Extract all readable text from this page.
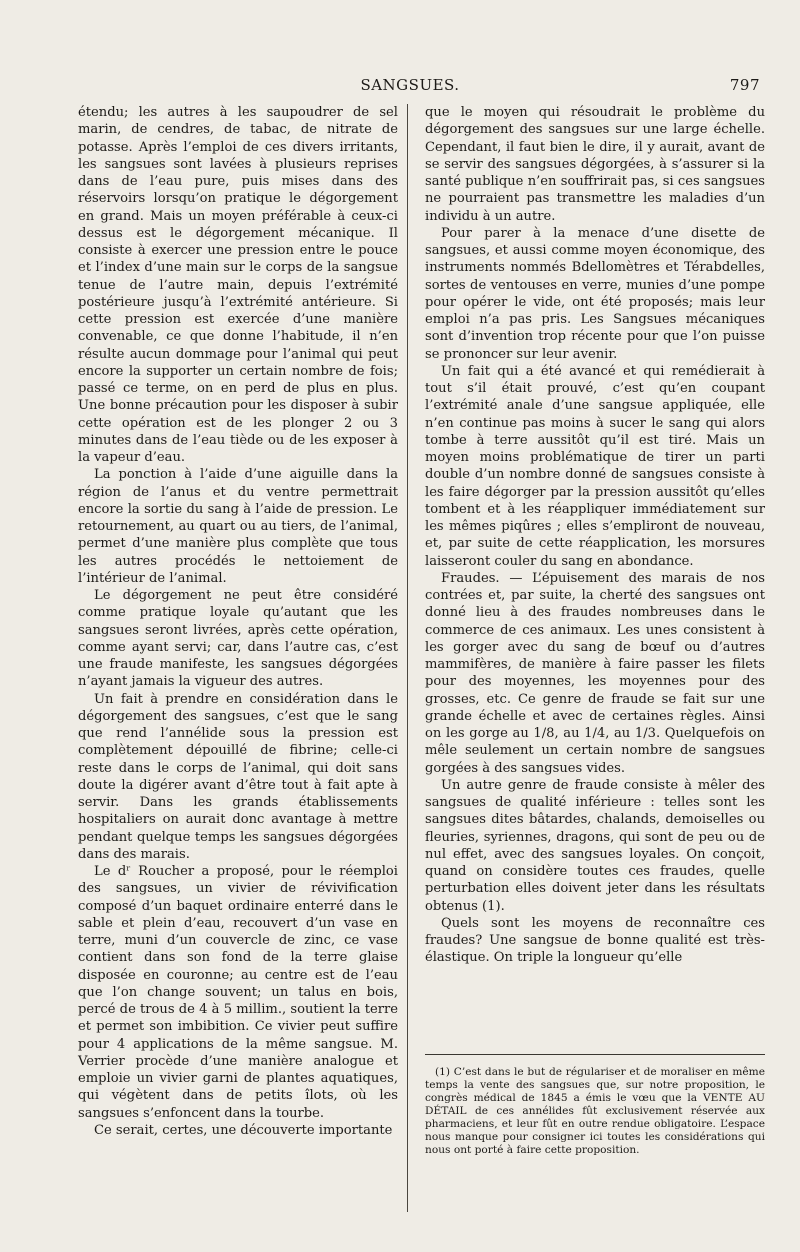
SANGSUES.	797

étendu; les autres à les saupoudrer de sel marin, de cendres, de tabac, de nitrate de potasse. Après l’emploi de ces divers irritants, les sangsues sont lavées à plusieurs reprises dans de l’eau pure, puis mises dans des réservoirs lorsqu’on pratique le dégorgement en grand. Mais un moyen préférable à ceux-ci dessus est le dégorgement mécanique. Il consiste à exercer une pression entre le pouce et l’index d’une main sur le corps de la sangsue tenue de l’autre main, depuis l’extrémité postérieure jusqu’à l’extrémité antérieure. Si cette pression est exercée d’une manière convenable, ce que donne l’habitude, il n’en résulte aucun dommage pour l’animal qui peut encore la supporter un certain nombre de fois; passé ce terme, on en perd de plus en plus. Une bonne précaution pour les disposer à subir cette opération est de les plonger 2 ou 3 minutes dans de l’eau tiède ou de les exposer à la vapeur d’eau.

La ponction à l’aide d’une aiguille dans la région de l’anus et du ventre permettrait encore la sortie du sang à l’aide de pression. Le retournement, au quart ou au tiers, de l’animal, permet d’une manière plus complète que tous les autres procédés le nettoiement de l’intérieur de l’animal.

Le dégorgement ne peut être considéré comme pratique loyale qu’autant que les sangsues seront livrées, après cette opération, comme ayant servi; car, dans l’autre cas, c’est une fraude manifeste, les sangsues dégorgées n’ayant jamais la vigueur des autres.

Un fait à prendre en considération dans le dégorgement des sangsues, c’est que le sang que rend l’annélide sous la pression est complètement dépouillé de fibrine; celle-ci reste dans le corps de l’animal, qui doit sans doute la digérer avant d’être tout à fait apte à servir. Dans les grands établissements hospitaliers on aurait donc avantage à mettre pendant quelque temps les sangsues dégorgées dans des marais.

Le dʳ Roucher a proposé, pour le réemploi des sangsues, un vivier de révivification composé d’un baquet ordinaire enterré dans le sable et plein d’eau, recouvert d’un vase en terre, muni d’un couvercle de zinc, ce vase contient dans son fond de la terre glaise disposée en couronne; au centre est de l’eau que l’on change souvent; un talus en bois, percé de trous de 4 à 5 millim., soutient la terre et permet son imbibition. Ce vivier peut suffire pour 4 applications de la même sangsue. M. Verrier procède d’une manière analogue et emploie un vivier garni de plantes aquatiques, qui végètent dans de petits îlots, où les sangsues s’enfoncent dans la tourbe.

Ce serait, certes, une découverte importante

que le moyen qui résoudrait le problème du dégorgement des sangsues sur une large échelle. Cependant, il faut bien le dire, il y aurait, avant de se servir des sangsues dégorgées, à s’assurer si la santé publique n’en souffrirait pas, si ces sangsues ne pourraient pas transmettre les maladies d’un individu à un autre.

Pour parer à la menace d’une disette de sangsues, et aussi comme moyen économique, des instruments nommés Bdellomètres et Térabdelles, sortes de ventouses en verre, munies d’une pompe pour opérer le vide, ont été proposés; mais leur emploi n’a pas pris. Les Sangsues mécaniques sont d’invention trop récente pour que l’on puisse se prononcer sur leur avenir.

Un fait qui a été avancé et qui remédierait à tout s’il était prouvé, c’est qu’en coupant l’extrémité anale d’une sangsue appliquée, elle n’en continue pas moins à sucer le sang qui alors tombe à terre aussitôt qu’il est tiré. Mais un moyen moins problématique de tirer un parti double d’un nombre donné de sangsues consiste à les faire dégorger par la pression aussitôt qu’elles tombent et à les réappliquer immédiatement sur les mêmes piqûres ; elles s’empliront de nouveau, et, par suite de cette réapplication, les morsures laisseront couler du sang en abondance.

Fraudes. — L’épuisement des marais de nos contrées et, par suite, la cherté des sangsues ont donné lieu à des fraudes nombreuses dans le commerce de ces animaux. Les unes consistent à les gorger avec du sang de bœuf ou d’autres mammifères, de manière à faire passer les filets pour des moyennes, les moyennes pour des grosses, etc. Ce genre de fraude se fait sur une grande échelle et avec de certaines règles. Ainsi on les gorge au 1/8, au 1/4, au 1/3. Quelquefois on mêle seulement un certain nombre de sangsues gorgées à des sangsues vides.

Un autre genre de fraude consiste à mêler des sangsues de qualité inférieure : telles sont les sangsues dites bâtardes, chalands, demoiselles ou fleuries, syriennes, dragons, qui sont de peu ou de nul effet, avec des sangsues loyales. On conçoit, quand on considère toutes ces fraudes, quelle perturbation elles doivent jeter dans les résultats obtenus (1).

Quels sont les moyens de reconnaître ces fraudes? Une sangsue de bonne qualité est très-élastique. On triple la longueur qu’elle

(1) C’est dans le but de régulariser et de moraliser en même temps la vente des sangsues que, sur notre proposition, le congrès médical de 1845 a émis le vœu que la VENTE AU DÉTAIL de ces annélides fût exclusivement réservée aux pharmaciens, et leur fût en outre rendue obligatoire. L’espace nous manque pour consigner ici toutes les considérations qui nous ont porté à faire cette proposition.
